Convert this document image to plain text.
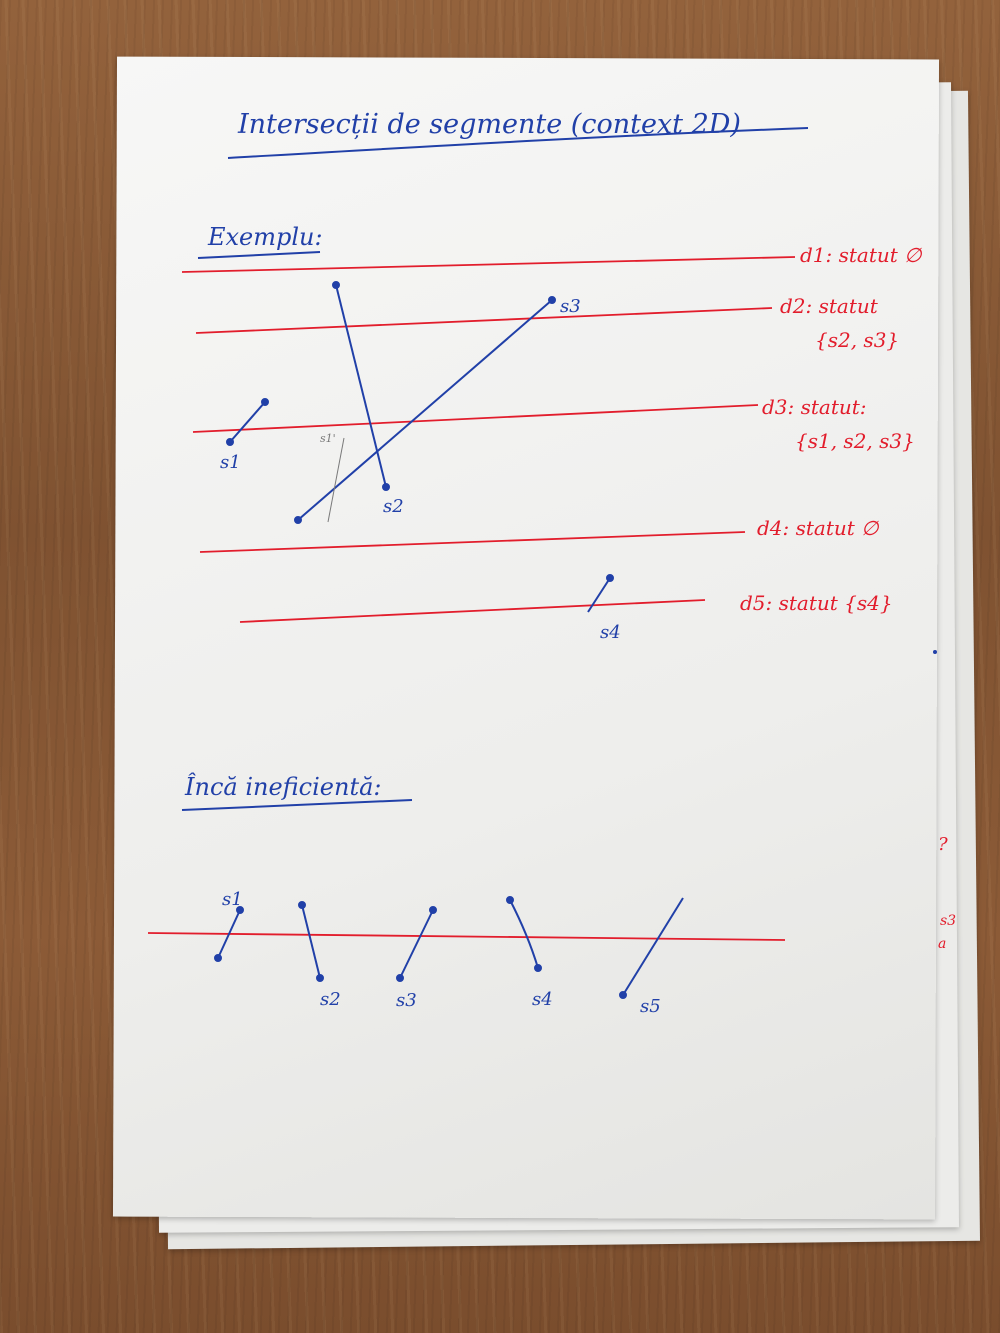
Intersecții de segmente (context 2D)
Exemplu:
d1: statut ∅
d2: statut
{s2, s3}
d3: statut:
{s1, s2, s3}
d4: statut ∅
d5: statut {s4}
s1'
s1
s2
s3
s4
Încă ineficientă:
s1
s2	s3	s4	s5
?
s3
a
